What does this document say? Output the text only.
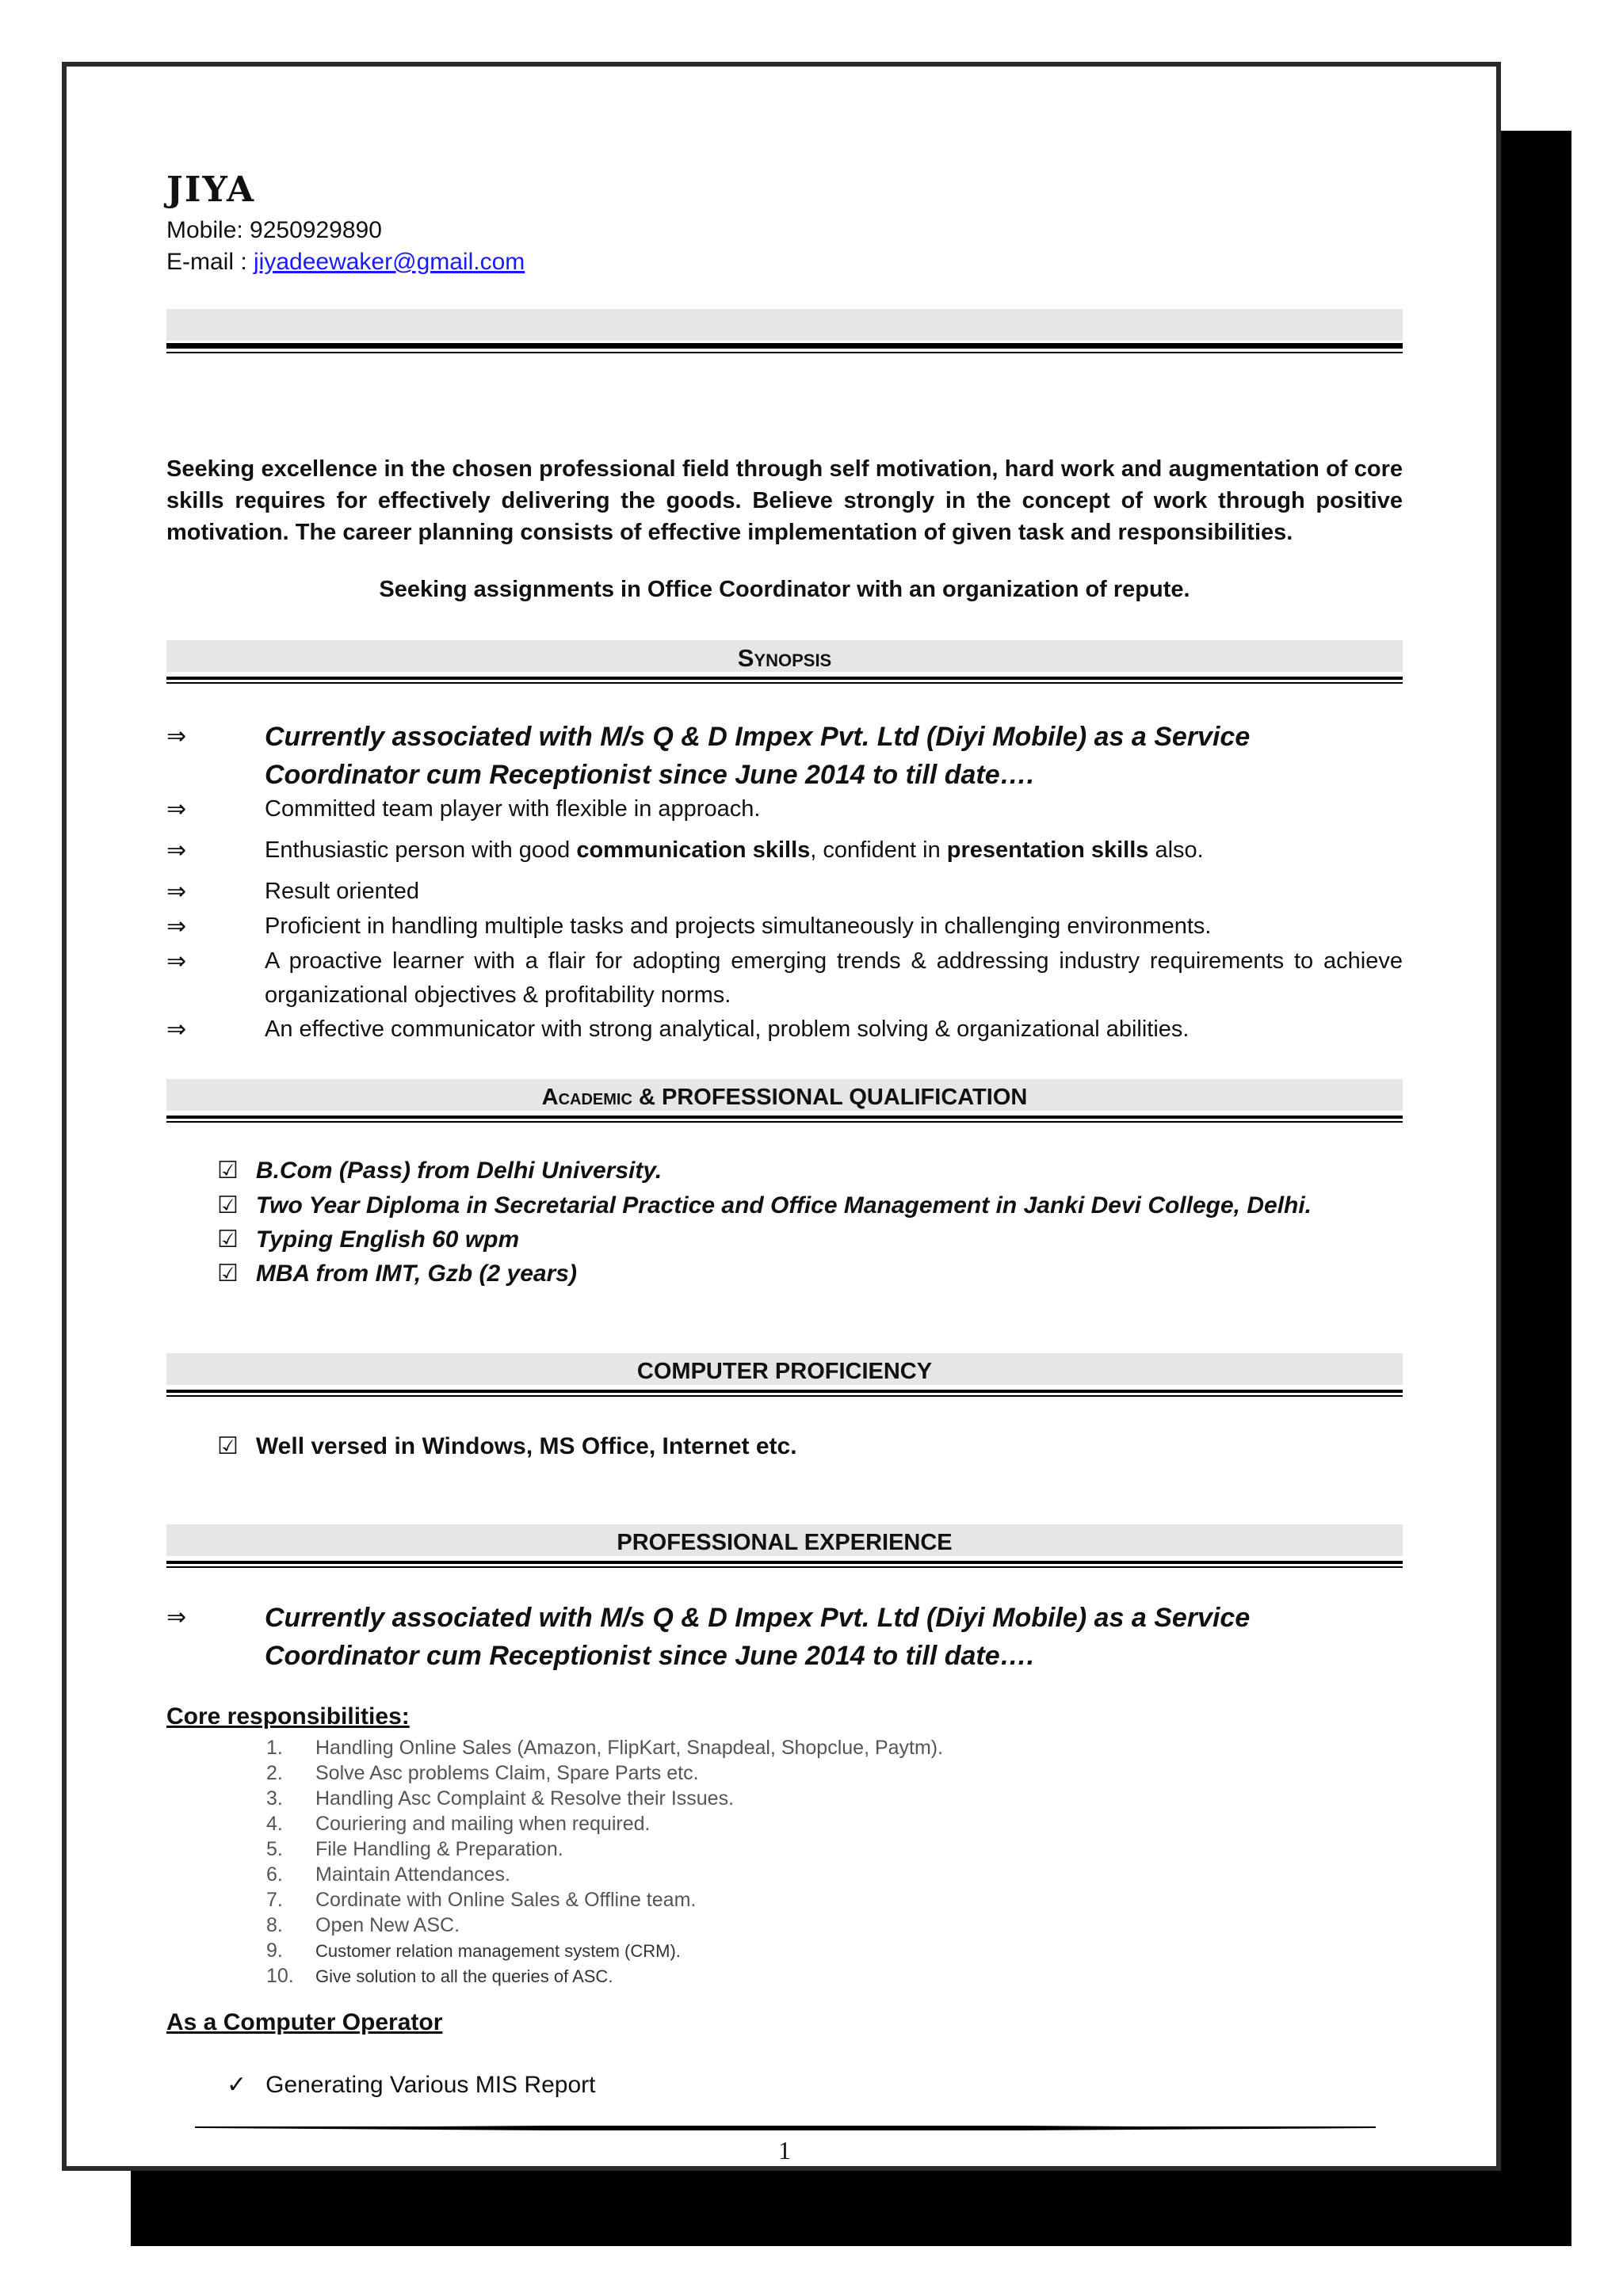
JIYA
Mobile: 9250929890
E-mail : jiyadeewaker@gmail.com
Seeking excellence in the chosen professional field through self motivation, hard work and augmentation of core skills requires for effectively delivering the goods. Believe strongly in the concept of work through positive motivation. The career planning consists of effective implementation of given task and responsibilities.
Seeking assignments in Office Coordinator with an organization of repute.
Synopsis
⇒	Currently associated with M/s Q & D Impex Pvt. Ltd (Diyi Mobile) as a Service Coordinator cum Receptionist since June 2014 to till date….
⇒	Committed team player with flexible in approach.
⇒	Enthusiastic person with good communication skills, confident in presentation skills also.
⇒	Result oriented
⇒	Proficient in handling multiple tasks and projects simultaneously in challenging environments.
⇒	A proactive learner with a flair for adopting emerging trends & addressing industry requirements to achieve organizational objectives & profitability norms.
⇒	An effective communicator with strong analytical, problem solving & organizational abilities.
Academic & PROFESSIONAL QUALIFICATION
☑ B.Com (Pass) from Delhi University.
☑ Two Year Diploma in Secretarial Practice and Office Management in Janki Devi College, Delhi.
☑ Typing English 60 wpm
☑ MBA from IMT, Gzb (2 years)
COMPUTER PROFICIENCY
☑ Well versed in Windows, MS Office, Internet etc.
PROFESSIONAL EXPERIENCE
⇒	Currently associated with M/s Q & D Impex Pvt. Ltd (Diyi Mobile) as a Service Coordinator cum Receptionist since June 2014 to till date….
Core responsibilities:
1. Handling Online Sales (Amazon, FlipKart, Snapdeal, Shopclue, Paytm).
2. Solve Asc problems Claim, Spare Parts etc.
3. Handling Asc Complaint & Resolve their Issues.
4. Couriering and mailing when required.
5. File Handling & Preparation.
6. Maintain Attendances.
7. Cordinate with Online Sales & Offline team.
8. Open New ASC.
9. Customer relation management system (CRM).
10. Give solution to all the queries of ASC.
As a Computer Operator
✓ Generating Various MIS Report
1
